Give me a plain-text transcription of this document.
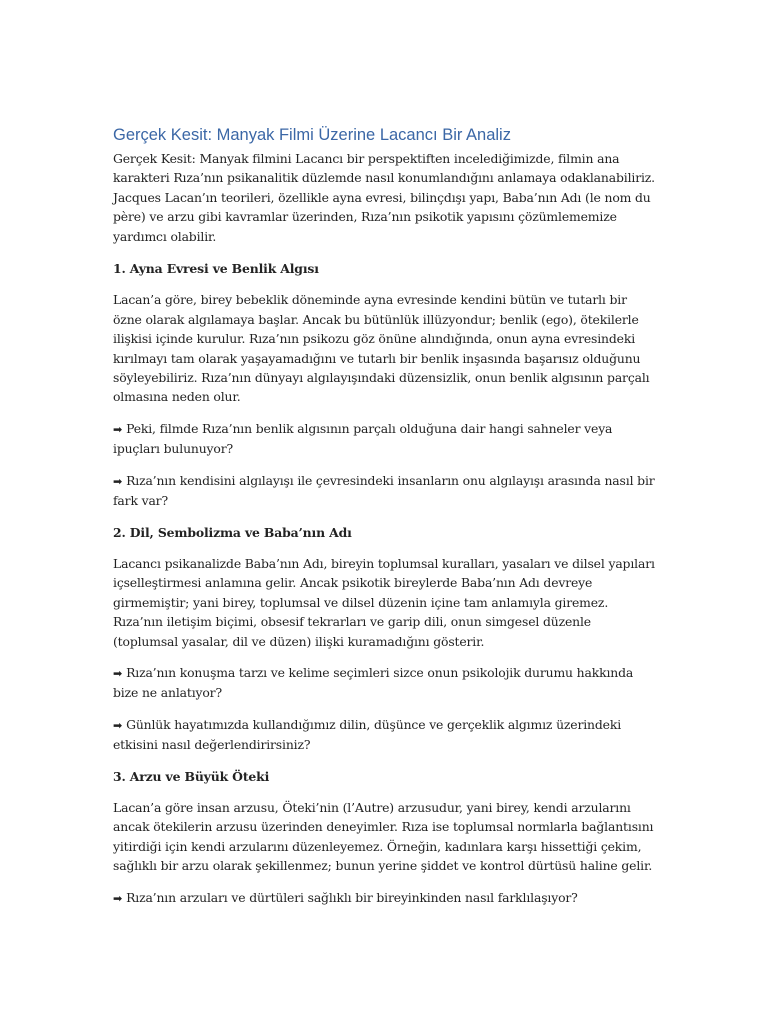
Gerçek Kesit: Manyak Filmi Üzerine Lacancı Bir Analiz

Gerçek Kesit: Manyak filmini Lacancı bir perspektiften incelediğimizde, filmin ana karakteri Rıza’nın psikanalitik düzlemde nasıl konumlandığını anlamaya odaklanabiliriz. Jacques Lacan’ın teorileri, özellikle ayna evresi, bilinçdışı yapı, Baba’nın Adı (le nom du père) ve arzu gibi kavramlar üzerinden, Rıza’nın psikotik yapısını çözümlememize yardımcı olabilir.

1. Ayna Evresi ve Benlik Algısı

Lacan’a göre, birey bebeklik döneminde ayna evresinde kendini bütün ve tutarlı bir özne olarak algılamaya başlar. Ancak bu bütünlük illüzyondur; benlik (ego), ötekilerle ilişkisi içinde kurulur. Rıza’nın psikozu göz önüne alındığında, onun ayna evresindeki kırılmayı tam olarak yaşayamadığını ve tutarlı bir benlik inşasında başarısız olduğunu söyleyebiliriz. Rıza’nın dünyayı algılayışındaki düzensizlik, onun benlik algısının parçalı olmasına neden olur.

➡ Peki, filmde Rıza’nın benlik algısının parçalı olduğuna dair hangi sahneler veya ipuçları bulunuyor?

➡ Rıza’nın kendisini algılayışı ile çevresindeki insanların onu algılayışı arasında nasıl bir fark var?

2. Dil, Sembolizma ve Baba’nın Adı

Lacancı psikanalizde Baba’nın Adı, bireyin toplumsal kuralları, yasaları ve dilsel yapıları içselleştirmesi anlamına gelir. Ancak psikotik bireylerde Baba’nın Adı devreye girmemiştir; yani birey, toplumsal ve dilsel düzenin içine tam anlamıyla giremez. Rıza’nın iletişim biçimi, obsesif tekrarları ve garip dili, onun simgesel düzenle (toplumsal yasalar, dil ve düzen) ilişki kuramadığını gösterir.

➡ Rıza’nın konuşma tarzı ve kelime seçimleri sizce onun psikolojik durumu hakkında bize ne anlatıyor?

➡ Günlük hayatımızda kullandığımız dilin, düşünce ve gerçeklik algımız üzerindeki etkisini nasıl değerlendirirsiniz?

3. Arzu ve Büyük Öteki

Lacan’a göre insan arzusu, Öteki’nin (l’Autre) arzusudur, yani birey, kendi arzularını ancak ötekilerin arzusu üzerinden deneyimler. Rıza ise toplumsal normlarla bağlantısını yitirdiği için kendi arzularını düzenleyemez. Örneğin, kadınlara karşı hissettiği çekim, sağlıklı bir arzu olarak şekillenmez; bunun yerine şiddet ve kontrol dürtüsü haline gelir.

➡ Rıza’nın arzuları ve dürtüleri sağlıklı bir bireyinkinden nasıl farklılaşıyor?
